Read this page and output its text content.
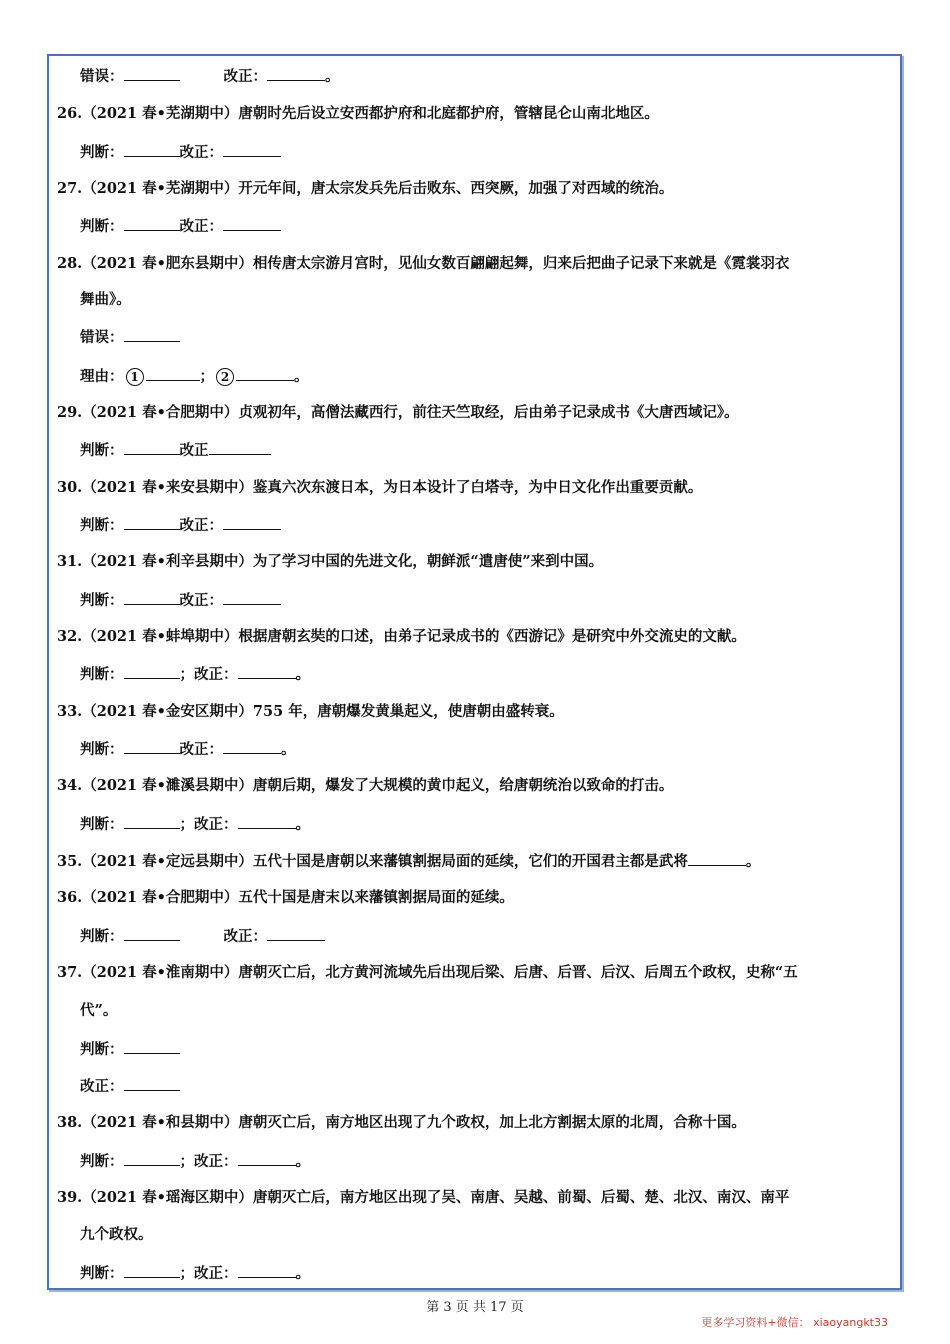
错误：	改正：	。
26.（2021 春•芜湖期中）唐朝时先后设立安西都护府和北庭都护府，管辖昆仑山南北地区。
判断：	改正：
27.（2021 春•芜湖期中）开元年间，唐太宗发兵先后击败东、西突厥，加强了对西域的统治。
判断：	改正：
28.（2021 春•肥东县期中）相传唐太宗游月宫时，见仙女数百翩翩起舞，归来后把曲子记录下来就是《霓裳羽衣
舞曲》。
错误：
理由： 1	； 2	。
29.（2021 春•合肥期中）贞观初年，高僧法藏西行，前往天竺取经，后由弟子记录成书《大唐西域记》。
判断：	改正
30.（2021 春•来安县期中）鉴真六次东渡日本，为日本设计了白塔寺，为中日文化作出重要贡献。
判断：	改正：
31.（2021 春•利辛县期中）为了学习中国的先进文化，朝鲜派“遣唐使”来到中国。
判断：	改正：
32.（2021 春•蚌埠期中）根据唐朝玄奘的口述，由弟子记录成书的《西游记》是研究中外交流史的文献。
判断：	；改正：	。
33.（2021 春•金安区期中）755 年，唐朝爆发黄巢起义，使唐朝由盛转衰。
判断：	改正：	。
34.（2021 春•濉溪县期中）唐朝后期，爆发了大规模的黄巾起义，给唐朝统治以致命的打击。
判断：	；改正：	。
35.（2021 春•定远县期中）五代十国是唐朝以来藩镇割据局面的延续，它们的开国君主都是武将	。
36.（2021 春•合肥期中）五代十国是唐末以来藩镇割据局面的延续。
判断：	改正：
37.（2021 春•淮南期中）唐朝灭亡后，北方黄河流域先后出现后梁、后唐、后晋、后汉、后周五个政权，史称“五
代”。
判断：
改正：
38.（2021 春•和县期中）唐朝灭亡后，南方地区出现了九个政权，加上北方割据太原的北周，合称十国。
判断：	；改正：	。
39.（2021 春•瑶海区期中）唐朝灭亡后，南方地区出现了吴、南唐、吴越、前蜀、后蜀、楚、北汉、南汉、南平
九个政权。
判断：	；改正：	。
第 3 页 共 17 页
更多学习资料+微信： xiaoyangkt33
